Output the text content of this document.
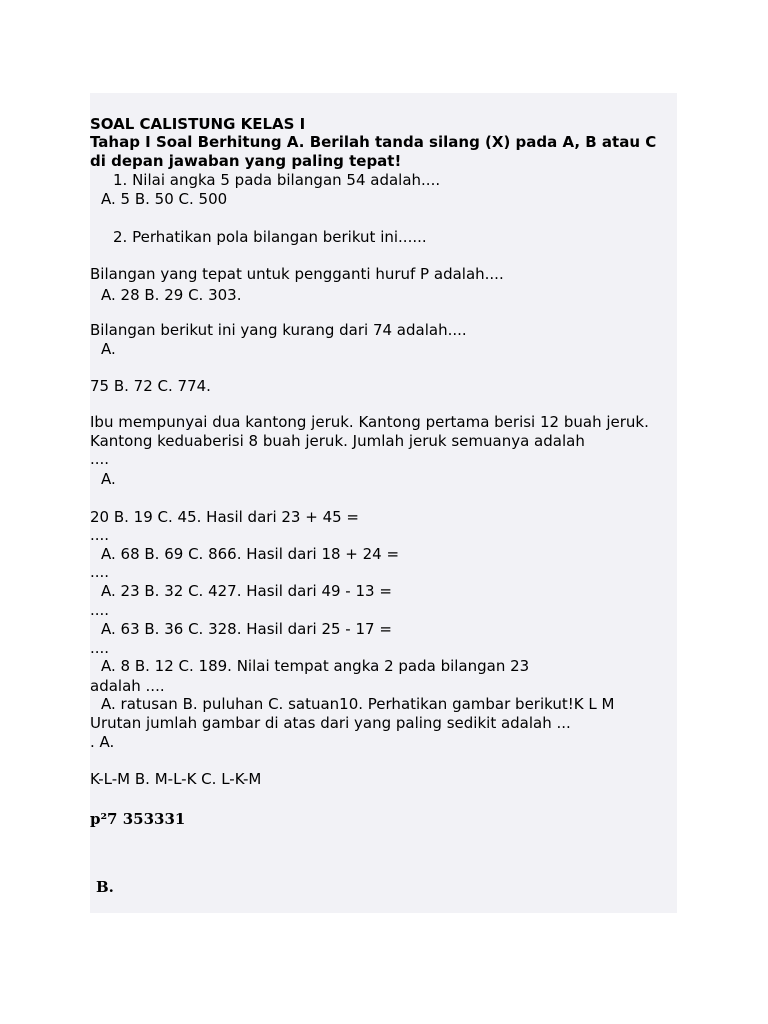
SOAL CALISTUNG KELAS I
Tahap I Soal Berhitung A. Berilah tanda silang (X) pada A, B atau C
di depan jawaban yang paling tepat!
1. Nilai angka 5 pada bilangan 54 adalah....
A. 5 B. 50 C. 500
2. Perhatikan pola bilangan berikut ini......
Bilangan yang tepat untuk pengganti huruf P adalah....
A. 28 B. 29 C. 303.
Bilangan berikut ini yang kurang dari 74 adalah....
A.
75 B. 72 C. 774.
Ibu mempunyai dua kantong jeruk. Kantong pertama berisi 12 buah jeruk.
Kantong keduaberisi 8 buah jeruk. Jumlah jeruk semuanya adalah
....
A.
20 B. 19 C. 45. Hasil dari 23 + 45 =
....
A. 68 B. 69 C. 866. Hasil dari 18 + 24 =
....
A. 23 B. 32 C. 427. Hasil dari 49 - 13 =
....
A. 63 B. 36 C. 328. Hasil dari 25 - 17 =
....
A. 8 B. 12 C. 189. Nilai tempat angka 2 pada bilangan 23
adalah ....
A. ratusan B. puluhan C. satuan10. Perhatikan gambar berikut!K L M
Urutan jumlah gambar di atas dari yang paling sedikit adalah ...
. A.
K-L-M B. M-L-K C. L-K-M
p²7 353331
B.
